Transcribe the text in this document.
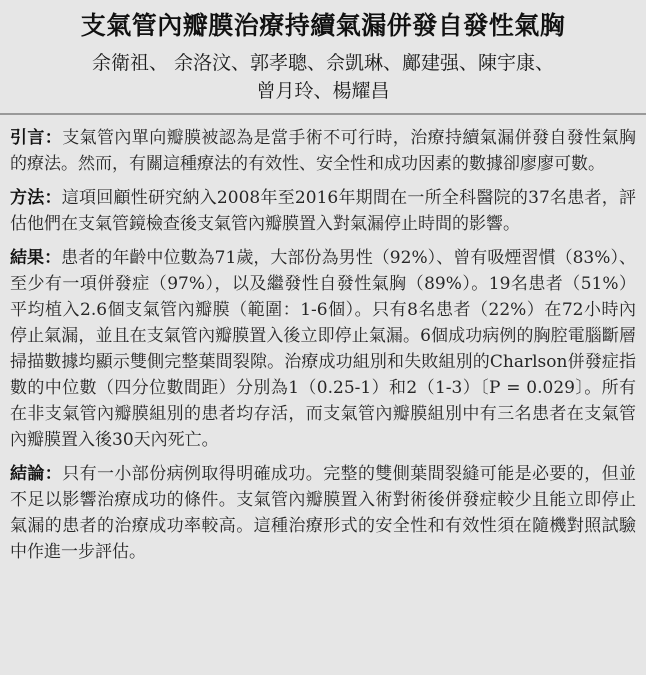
支氣管內瓣膜治療持續氣漏併發自發性氣胸
余衛祖、 余洛汶、郭孝聰、佘凱琳、鄺建强、陳宇康、
曾月玲、楊耀昌

引言：支氣管內單向瓣膜被認為是當手術不可行時，治療持續氣漏併發自發性氣胸的療法。然而，有關這種療法的有效性、安全性和成功因素的數據卻廖廖可數。

方法：這項回顧性研究納入2008年至2016年期間在一所全科醫院的37名患者，評估他們在支氣管鏡檢查後支氣管內瓣膜置入對氣漏停止時間的影響。

結果：患者的年齡中位數為71歲，大部份為男性（92%）、曾有吸煙習慣（83%）、至少有一項併發症（97%），以及繼發性自發性氣胸（89%）。19名患者（51%）平均植入2.6個支氣管內瓣膜（範圍：1-6個）。只有8名患者（22%）在72小時內停止氣漏，並且在支氣管內瓣膜置入後立即停止氣漏。6個成功病例的胸腔電腦斷層掃描數據均顯示雙側完整葉間裂隙。治療成功組別和失敗組別的Charlson併發症指數的中位數（四分位數間距）分別為1（0.25-1）和2（1-3）〔P = 0.029〕。所有在非支氣管內瓣膜組別的患者均存活，而支氣管內瓣膜組別中有三名患者在支氣管內瓣膜置入後30天內死亡。

結論：只有一小部份病例取得明確成功。完整的雙側葉間裂縫可能是必要的，但並不足以影響治療成功的條件。支氣管內瓣膜置入術對術後併發症較少且能立即停止氣漏的患者的治療成功率較高。這種治療形式的安全性和有效性須在隨機對照試驗中作進一步評估。
